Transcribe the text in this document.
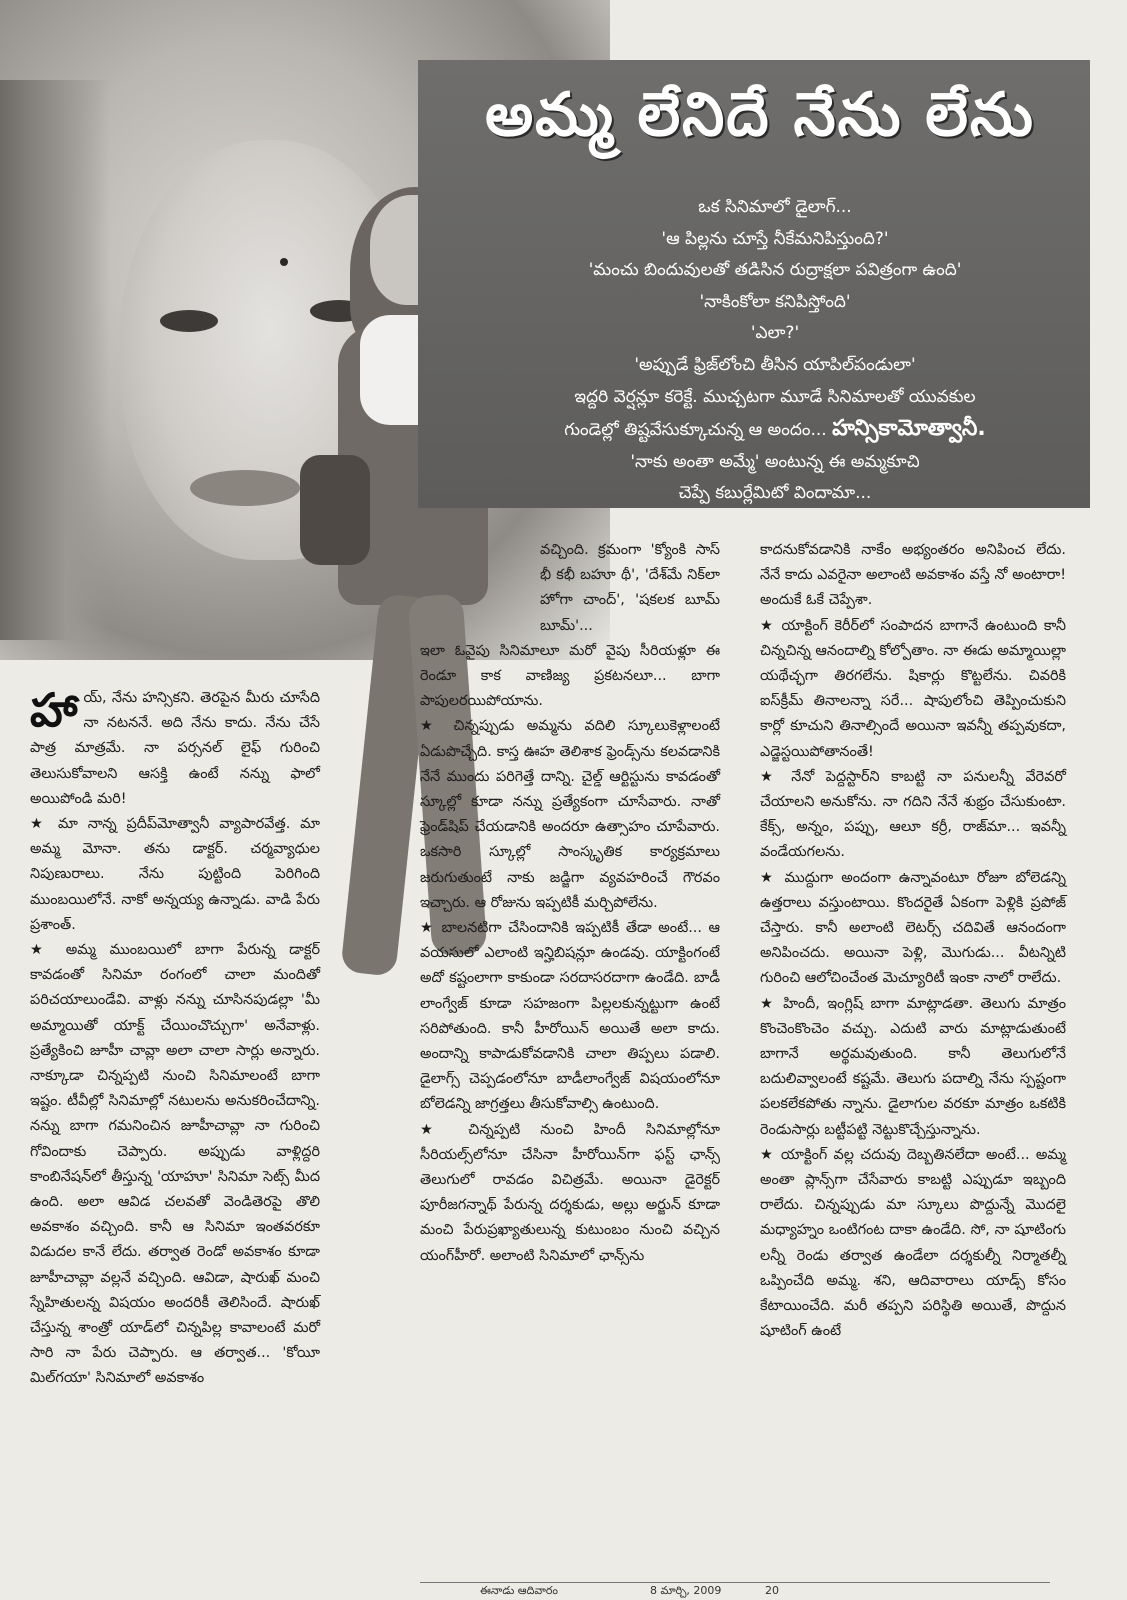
అమ్మ లేనిదే నేను లేను
ఒక సినిమాలో డైలాగ్...
'ఆ పిల్లను చూస్తే నీకేమనిపిస్తుంది?'
'మంచు బిందువులతో తడిసిన రుద్రాక్షలా పవిత్రంగా ఉంది'
'నాకింకోలా కనిపిస్తోంది'
'ఎలా?'
'అప్పుడే ఫ్రిజ్‌లోంచి తీసిన యాపిల్‌పండులా'
ఇద్దరి వెర్షన్లూ కరెక్టే. ముచ్చటగా మూడే సినిమాలతో యువకుల
గుండెల్లో తిష్టవేసుక్కూచున్న ఆ అందం... హన్సికామోత్వానీ.
'నాకు అంతా అమ్మే' అంటున్న ఈ అమ్మకూచి
చెప్పే కబుర్లేమిటో విందామా...

హాయ్, నేను హన్సికని. తెరపైన మీరు చూసేది నా నటననే. అది నేను కాదు. నేను చేసే పాత్ర మాత్రమే. నా పర్సనల్ లైఫ్ గురించి తెలుసుకోవాలని ఆసక్తి ఉంటే నన్ను ఫాలో అయిపోండి మరి!

★ మా నాన్న ప్రదీప్‌మోత్వానీ వ్యాపారవేత్త. మా అమ్మ మోనా. తను డాక్టర్. చర్మవ్యాధుల నిపుణురాలు. నేను పుట్టింది పెరిగింది ముంబయిలోనే. నాకో అన్నయ్య ఉన్నాడు. వాడి పేరు ప్రశాంత్.

★ అమ్మ ముంబయిలో బాగా పేరున్న డాక్టర్ కావడంతో సినిమా రంగంలో చాలా మందితో పరిచయాలుండేవి. వాళ్లు నన్ను చూసినపుడల్లా 'మీ అమ్మాయితో యాక్ట్ చేయించొచ్చుగా' అనేవాళ్లు. ప్రత్యేకించి జూహీ చావ్లా అలా చాలా సార్లు అన్నారు. నాక్కూడా చిన్నప్పటి నుంచి సినిమాలంటే బాగా ఇష్టం. టీవీల్లో సినిమాల్లో నటులను అనుకరించేదాన్ని. నన్ను బాగా గమనించిన జూహీచావ్లా నా గురించి గోవిందాకు చెప్పారు. అప్పుడు వాళ్లిద్దరి కాంబినేషన్‌లో తీస్తున్న 'యాహూ' సినిమా సెట్స్ మీద ఉంది. అలా ఆవిడ చలవతో వెండితెరపై తొలి అవకాశం వచ్చింది. కానీ ఆ సినిమా ఇంతవరకూ విడుదల కానే లేదు. తర్వాత రెండో అవకాశం కూడా జూహీచావ్లా వల్లనే వచ్చింది. ఆవిడా, షారుఖ్ మంచి స్నేహితులన్న విషయం అందరికీ తెలిసిందే. షారుఖ్ చేస్తున్న శాంత్రో యాడ్‌లో చిన్నపిల్ల కావాలంటే మరో సారి నా పేరు చెప్పారు. ఆ తర్వాత... 'కోయీ మిల్‌గయా' సినిమాలో అవకాశం

వచ్చింది. క్రమంగా 'క్యోంకి సాస్ భీ కభీ బహూ థీ', 'దేశ్‌మే నిక్‌లా హోగా చాంద్', 'షకలక బూమ్ బూమ్'...

ఇలా ఓవైపు సినిమాలూ మరో వైపు సీరియళ్లూ ఈ రెండూ కాక వాణిజ్య ప్రకటనలూ... బాగా పాపులరయిపోయాను.

★ చిన్నప్పుడు అమ్మను వదిలి స్కూలుకెళ్లాలంటే ఏడుపొచ్చేది. కాస్త ఊహ తెలిశాక ఫ్రెండ్స్‌ను కలవడానికి నేనే ముందు పరిగెత్తే దాన్ని. చైల్డ్ ఆర్టిస్టును కావడంతో స్కూల్లో కూడా నన్ను ప్రత్యేకంగా చూసేవారు. నాతో ఫ్రెండ్‌షిప్ చేయడానికి అందరూ ఉత్సాహం చూపేవారు. ఒకసారి స్కూల్లో సాంస్కృతిక కార్యక్రమాలు జరుగుతుంటే నాకు జడ్జిగా వ్యవహరించే గౌరవం ఇచ్చారు. ఆ రోజును ఇప్పటికీ మర్చిపోలేను.

★ బాలనటిగా చేసిందానికి ఇప్పటికీ తేడా అంటే... ఆ వయసులో ఎలాంటి ఇన్హిబిషన్లూ ఉండవు. యాక్టింగంటే అదో కష్టంలాగా కాకుండా సరదాసరదాగా ఉండేది. బాడీ లాంగ్వేజ్ కూడా సహజంగా పిల్లలకున్నట్టుగా ఉంటే సరిపోతుంది. కానీ హీరోయిన్ అయితే అలా కాదు. అందాన్ని కాపాడుకోవడానికి చాలా తిప్పలు పడాలి. డైలాగ్స్ చెప్పడంలోనూ బాడీలాంగ్వేజ్ విషయంలోనూ బోలెడన్ని జాగ్రత్తలు తీసుకోవాల్సి ఉంటుంది.

★ చిన్నప్పటి నుంచి హిందీ సినిమాల్లోనూ సీరియల్స్‌లోనూ చేసినా హీరోయిన్‌గా ఫస్ట్ ఛాన్స్ తెలుగులో రావడం విచిత్రమే. అయినా డైరెక్టర్ పూరీజగన్నాథ్ పేరున్న దర్శకుడు, అల్లు అర్జున్ కూడా మంచి పేరుప్రఖ్యాతులున్న కుటుంబం నుంచి వచ్చిన యంగ్‌హీరో. అలాంటి సినిమాలో ఛాన్స్‌ను

కాదనుకోవడానికి నాకేం అభ్యంతరం అనిపించ లేదు. నేనే కాదు ఎవరైనా అలాంటి అవకాశం వస్తే నో అంటారా! అందుకే ఓకే చెప్పేశా.

★ యాక్టింగ్ కెరీర్‌లో సంపాదన బాగానే ఉంటుంది కానీ చిన్నచిన్న ఆనందాల్ని కోల్పోతాం. నా ఈడు అమ్మాయిల్లా యథేచ్ఛగా తిరగలేను. షికార్లు కొట్టలేను. చివరికి ఐస్‌క్రీమ్ తినాలన్నా సరే... షాపులోంచి తెప్పించుకుని కార్లో కూచుని తినాల్సిందే అయినా ఇవన్నీ తప్పవుకదా, ఎడ్జెస్టయిపోతానంతే!

★ నేనో పెద్దస్టార్‌ని కాబట్టి నా పనులన్నీ వేరెవరో చేయాలని అనుకోను. నా గదిని నేనే శుభ్రం చేసుకుంటా. కేక్స్, అన్నం, పప్పు, ఆలూ కర్రీ, రాజ్‌మా... ఇవన్నీ వండేయగలను.

★ ముద్దుగా అందంగా ఉన్నావంటూ రోజూ బోలెడన్ని ఉత్తరాలు వస్తుంటాయి. కొందరైతే ఏకంగా పెళ్లికి ప్రపోజ్ చేస్తారు. కానీ అలాంటి లెటర్స్ చదివితే ఆనందంగా అనిపించదు. అయినా పెళ్లి, మొగుడు... వీటన్నిటి గురించి ఆలోచించేంత మెచ్యూరిటీ ఇంకా నాలో రాలేదు.

★ హిందీ, ఇంగ్లిష్ బాగా మాట్లాడతా. తెలుగు మాత్రం కొంచెంకొంచెం వచ్చు. ఎదుటి వారు మాట్లాడుతుంటే బాగానే అర్థమవుతుంది. కానీ తెలుగులోనే బదులివ్వాలంటే కష్టమే. తెలుగు పదాల్ని నేను స్పష్టంగా పలకలేకపోతు న్నాను. డైలాగుల వరకూ మాత్రం ఒకటికి రెండుసార్లు బట్టీపట్టి నెట్టుకొచ్చేస్తున్నాను.

★ యాక్టింగ్ వల్ల చదువు దెబ్బతినలేదా అంటే... అమ్మ అంతా ప్లాన్స్‌గా చేసేవారు కాబట్టి ఎప్పుడూ ఇబ్బంది రాలేదు. చిన్నప్పుడు మా స్కూలు పొద్దున్నే మొదలై మధ్యాహ్నం ఒంటిగంట దాకా ఉండేది. సో, నా షూటింగు లన్నీ రెండు తర్వాత ఉండేలా దర్శకుల్నీ నిర్మాతల్నీ ఒప్పించేది అమ్మ. శని, ఆదివారాలు యాడ్స్ కోసం కేటాయించేది. మరీ తప్పని పరిస్థితి అయితే, పొద్దున షూటింగ్ ఉంటే

ఈనాడు ఆదివారం	8 మార్చి, 2009	20
